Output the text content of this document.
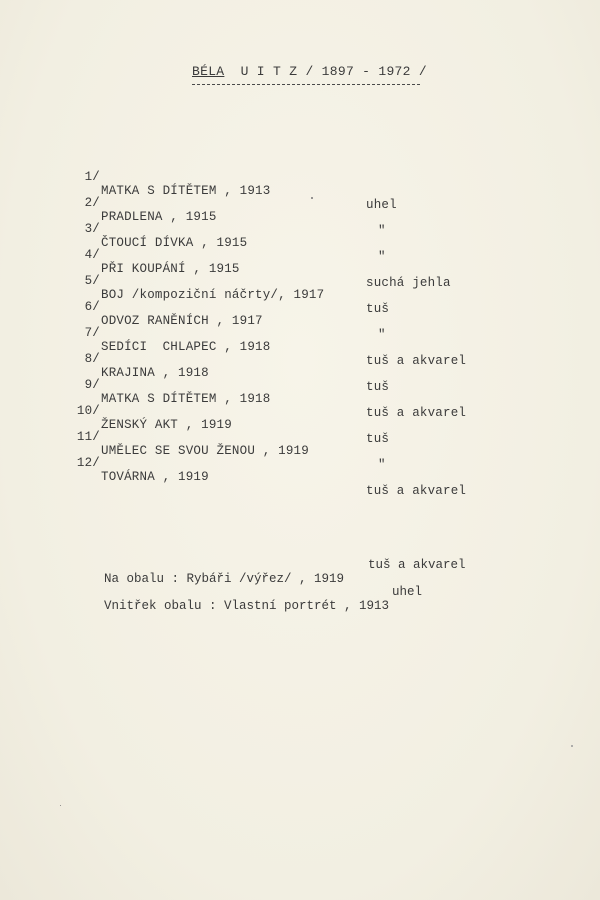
BÉLA U I T Z / 1897 - 1972 /

1/

MATKA S DÍTĚTEM , 1913

uhel

2/

PRADLENA , 1915

"

3/

ČTOUCÍ DÍVKA , 1915

"

4/

PŘI KOUPÁNÍ , 1915

suchá jehla

5/

BOJ /kompoziční náčrty/, 1917

tuš

6/

ODVOZ RANĚNÍCH , 1917

"

7/

SEDÍCI  CHLAPEC , 1918

tuš a akvarel

8/

KRAJINA , 1918

tuš

9/

MATKA S DÍTĚTEM , 1918

tuš a akvarel

10/

ŽENSKÝ AKT , 1919

tuš

11/

UMĚLEC SE SVOU ŽENOU , 1919

"

12/

TOVÁRNA , 1919

tuš a akvarel

Na obalu : Rybáři /výřez/ , 1919

tuš a akvarel

Vnitřek obalu : Vlastní portrét , 1913

uhel
